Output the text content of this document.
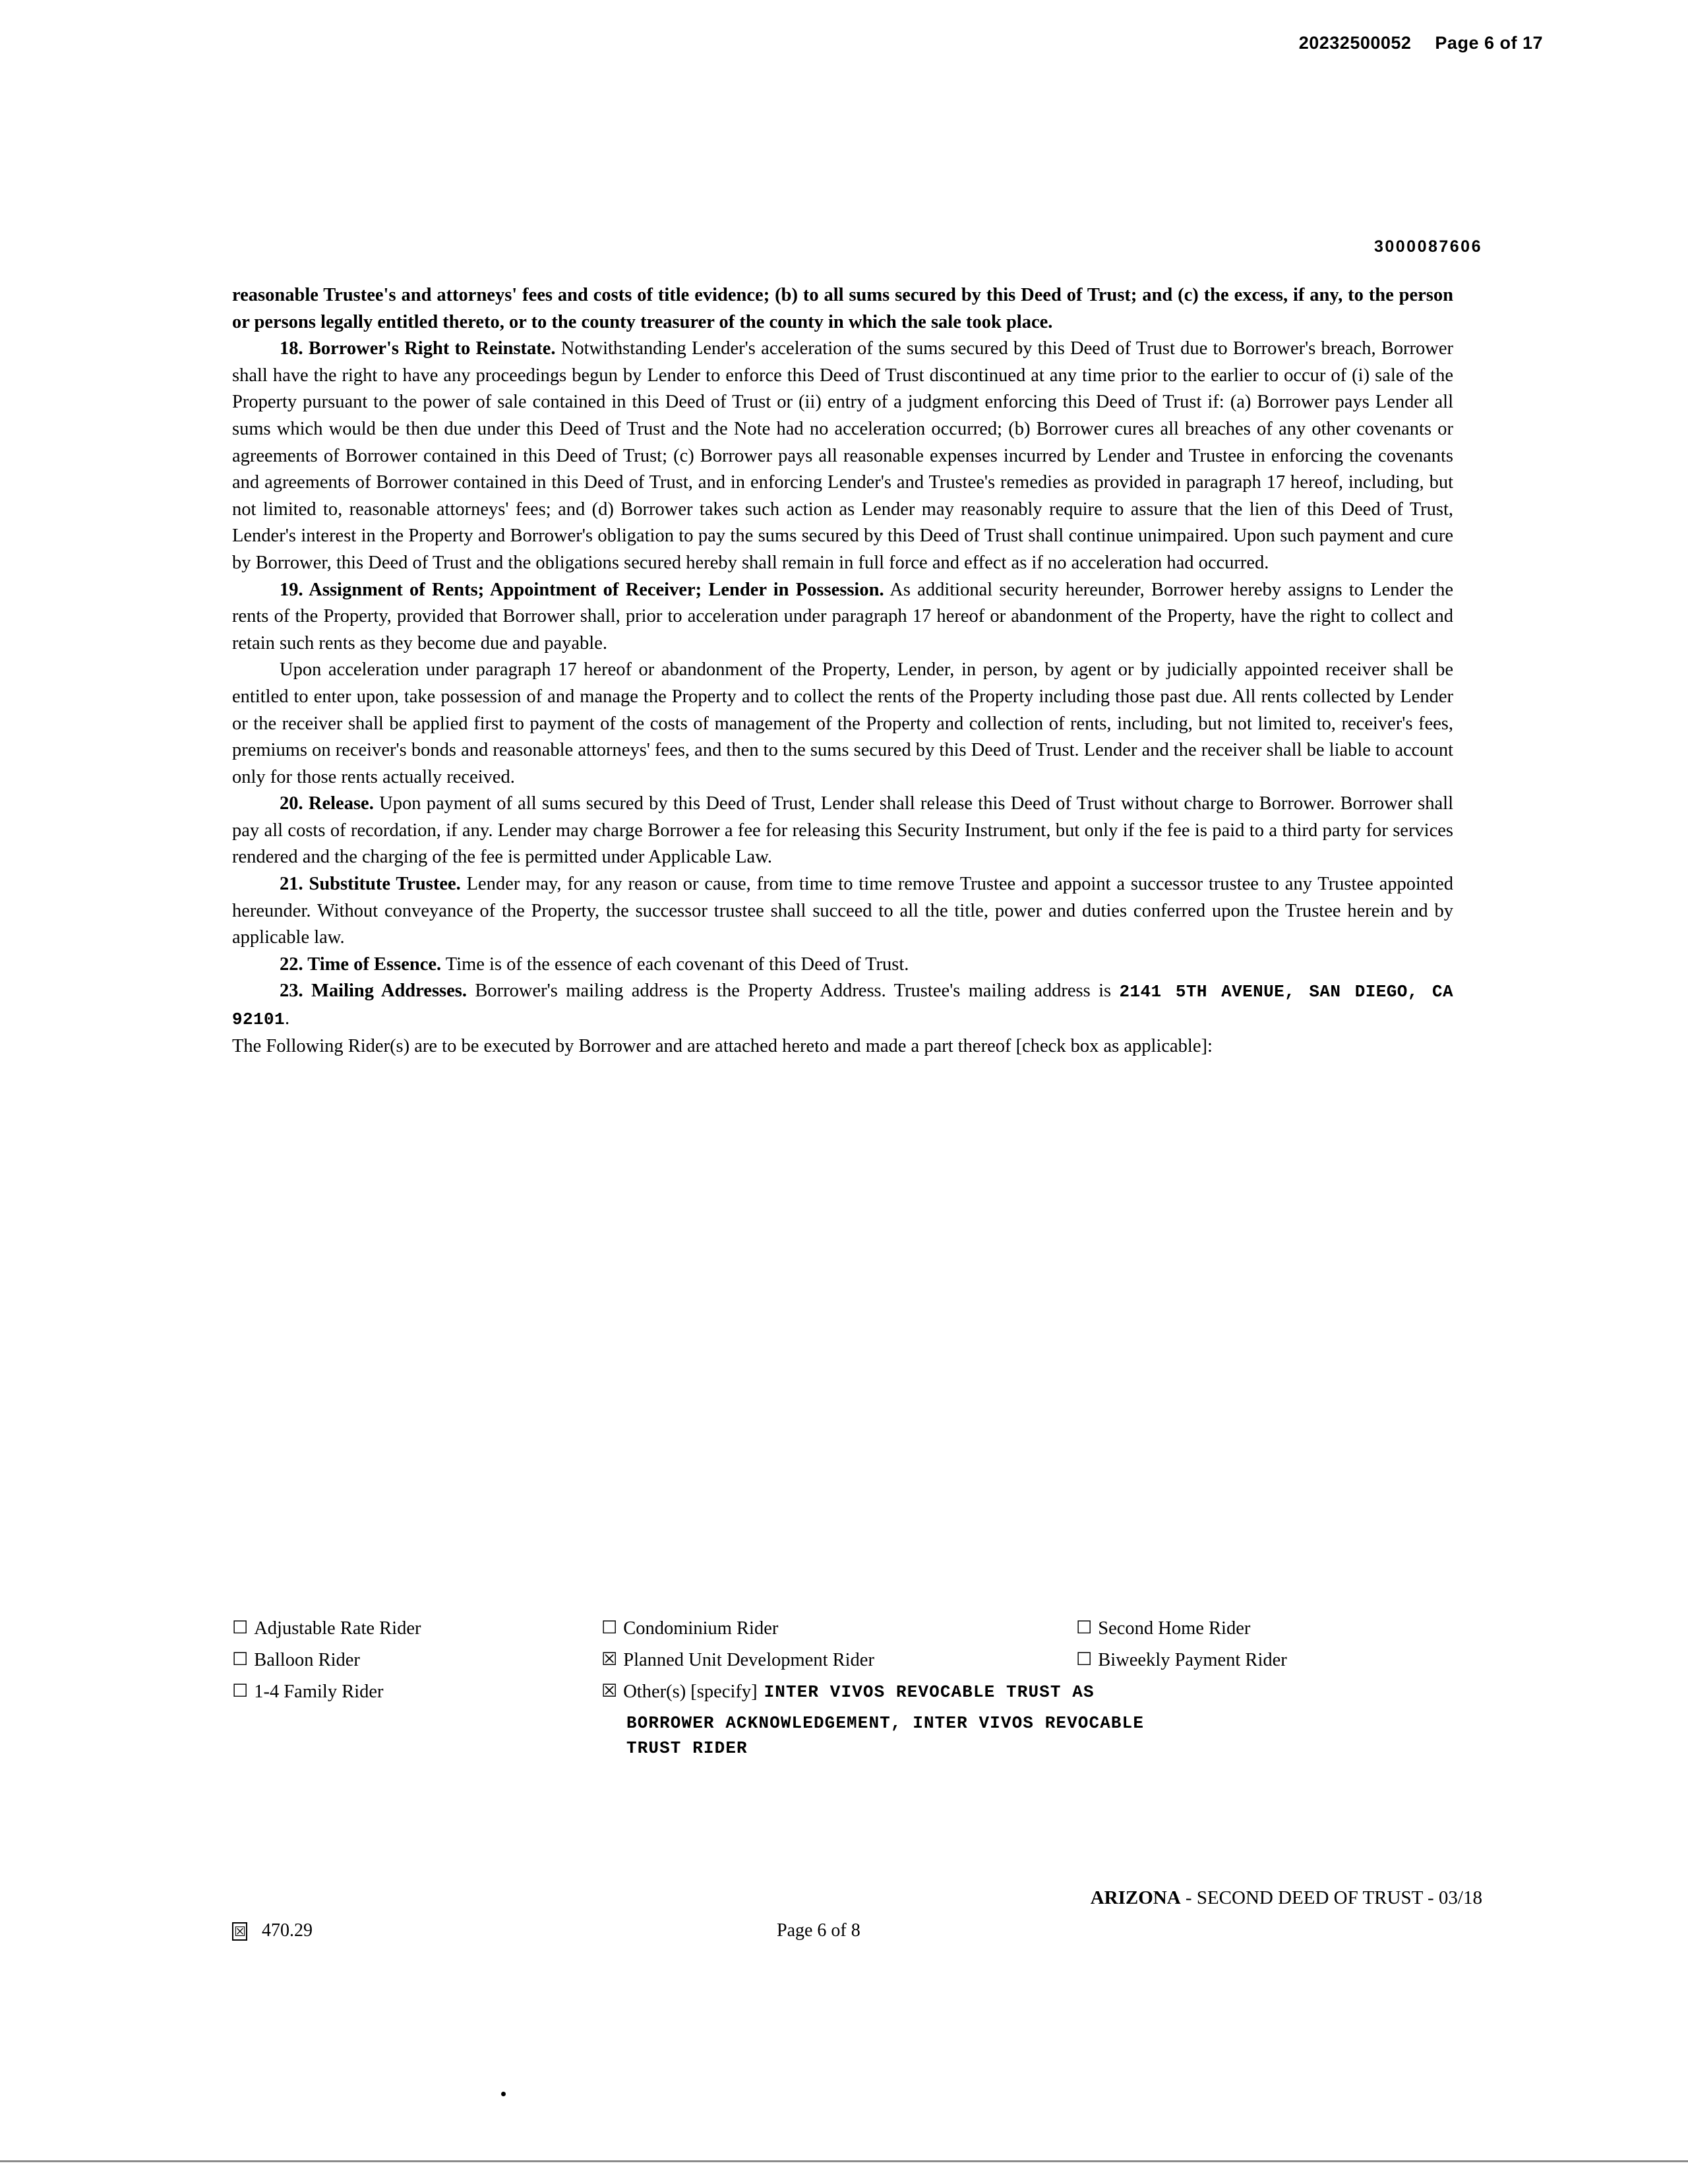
20232500052 Page 6 of 17
3000087606

reasonable Trustee's and attorneys' fees and costs of title evidence; (b) to all sums secured by this Deed of Trust; and (c) the excess, if any, to the person or persons legally entitled thereto, or to the county treasurer of the county in which the sale took place.

18. Borrower's Right to Reinstate. Notwithstanding Lender's acceleration of the sums secured by this Deed of Trust due to Borrower's breach, Borrower shall have the right to have any proceedings begun by Lender to enforce this Deed of Trust discontinued at any time prior to the earlier to occur of (i) sale of the Property pursuant to the power of sale contained in this Deed of Trust or (ii) entry of a judgment enforcing this Deed of Trust if: (a) Borrower pays Lender all sums which would be then due under this Deed of Trust and the Note had no acceleration occurred; (b) Borrower cures all breaches of any other covenants or agreements of Borrower contained in this Deed of Trust; (c) Borrower pays all reasonable expenses incurred by Lender and Trustee in enforcing the covenants and agreements of Borrower contained in this Deed of Trust, and in enforcing Lender's and Trustee's remedies as provided in paragraph 17 hereof, including, but not limited to, reasonable attorneys' fees; and (d) Borrower takes such action as Lender may reasonably require to assure that the lien of this Deed of Trust, Lender's interest in the Property and Borrower's obligation to pay the sums secured by this Deed of Trust shall continue unimpaired. Upon such payment and cure by Borrower, this Deed of Trust and the obligations secured hereby shall remain in full force and effect as if no acceleration had occurred.

19. Assignment of Rents; Appointment of Receiver; Lender in Possession. As additional security hereunder, Borrower hereby assigns to Lender the rents of the Property, provided that Borrower shall, prior to acceleration under paragraph 17 hereof or abandonment of the Property, have the right to collect and retain such rents as they become due and payable.

Upon acceleration under paragraph 17 hereof or abandonment of the Property, Lender, in person, by agent or by judicially appointed receiver shall be entitled to enter upon, take possession of and manage the Property and to collect the rents of the Property including those past due. All rents collected by Lender or the receiver shall be applied first to payment of the costs of management of the Property and collection of rents, including, but not limited to, receiver's fees, premiums on receiver's bonds and reasonable attorneys' fees, and then to the sums secured by this Deed of Trust. Lender and the receiver shall be liable to account only for those rents actually received.

20. Release. Upon payment of all sums secured by this Deed of Trust, Lender shall release this Deed of Trust without charge to Borrower. Borrower shall pay all costs of recordation, if any. Lender may charge Borrower a fee for releasing this Security Instrument, but only if the fee is paid to a third party for services rendered and the charging of the fee is permitted under Applicable Law.

21. Substitute Trustee. Lender may, for any reason or cause, from time to time remove Trustee and appoint a successor trustee to any Trustee appointed hereunder. Without conveyance of the Property, the successor trustee shall succeed to all the title, power and duties conferred upon the Trustee herein and by applicable law.

22. Time of Essence. Time is of the essence of each covenant of this Deed of Trust.

23. Mailing Addresses. Borrower's mailing address is the Property Address. Trustee's mailing address is 2141 5TH AVENUE, SAN DIEGO, CA 92101.

The Following Rider(s) are to be executed by Borrower and are attached hereto and made a part thereof [check box as applicable]:

☐ Adjustable Rate Rider	☐ Condominium Rider	☐ Second Home Rider
☐ Balloon Rider	☒ Planned Unit Development Rider	☐ Biweekly Payment Rider
☐ 1-4 Family Rider	☒ Other(s) [specify] INTER VIVOS REVOCABLE TRUST AS
BORROWER ACKNOWLEDGEMENT, INTER VIVOS REVOCABLE
TRUST RIDER
ARIZONA - SECOND DEED OF TRUST - 03/18
☒ 470.29	Page 6 of 8
